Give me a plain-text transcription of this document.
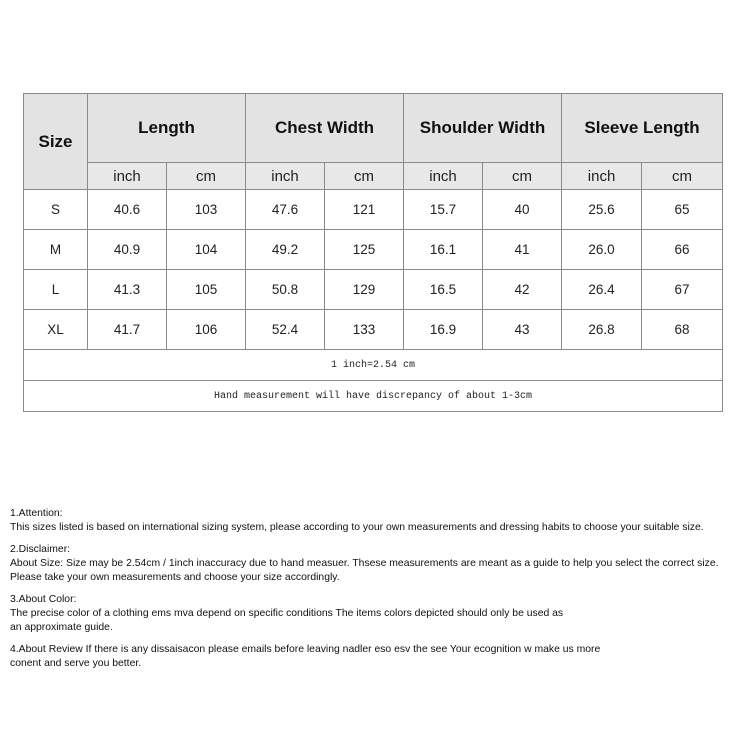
Size	Length		Chest Width		Shoulder Width		Sleeve Length	
	inch	cm	inch	cm	inch	cm	inch	cm
S	40.6	103	47.6	121	15.7	40	25.6	65
M	40.9	104	49.2	125	16.1	41	26.0	66
L	41.3	105	50.8	129	16.5	42	26.4	67
XL	41.7	106	52.4	133	16.9	43	26.8	68
1 inch=2.54 cm								
Hand measurement will have discrepancy of about 1-3cm								

1.Attention:

This sizes listed is based on international sizing system, please according to your own measurements and dressing habits to choose your suitable size.

2.Disclaimer:

About Size: Size may be 2.54cm / 1inch inaccuracy due to hand measuer. Thsese measurements are meant as a guide to help you select the correct size.

Please take your own measurements and choose your size accordingly.

3.About Color:

The precise color of a clothing ems mva depend on specific conditions The items colors depicted should only be used as

an approximate guide.

4.About Review If there is any dissaisacon please emails before leaving nadler eso esv the see Your ecognition w make us more

conent and serve you better.
